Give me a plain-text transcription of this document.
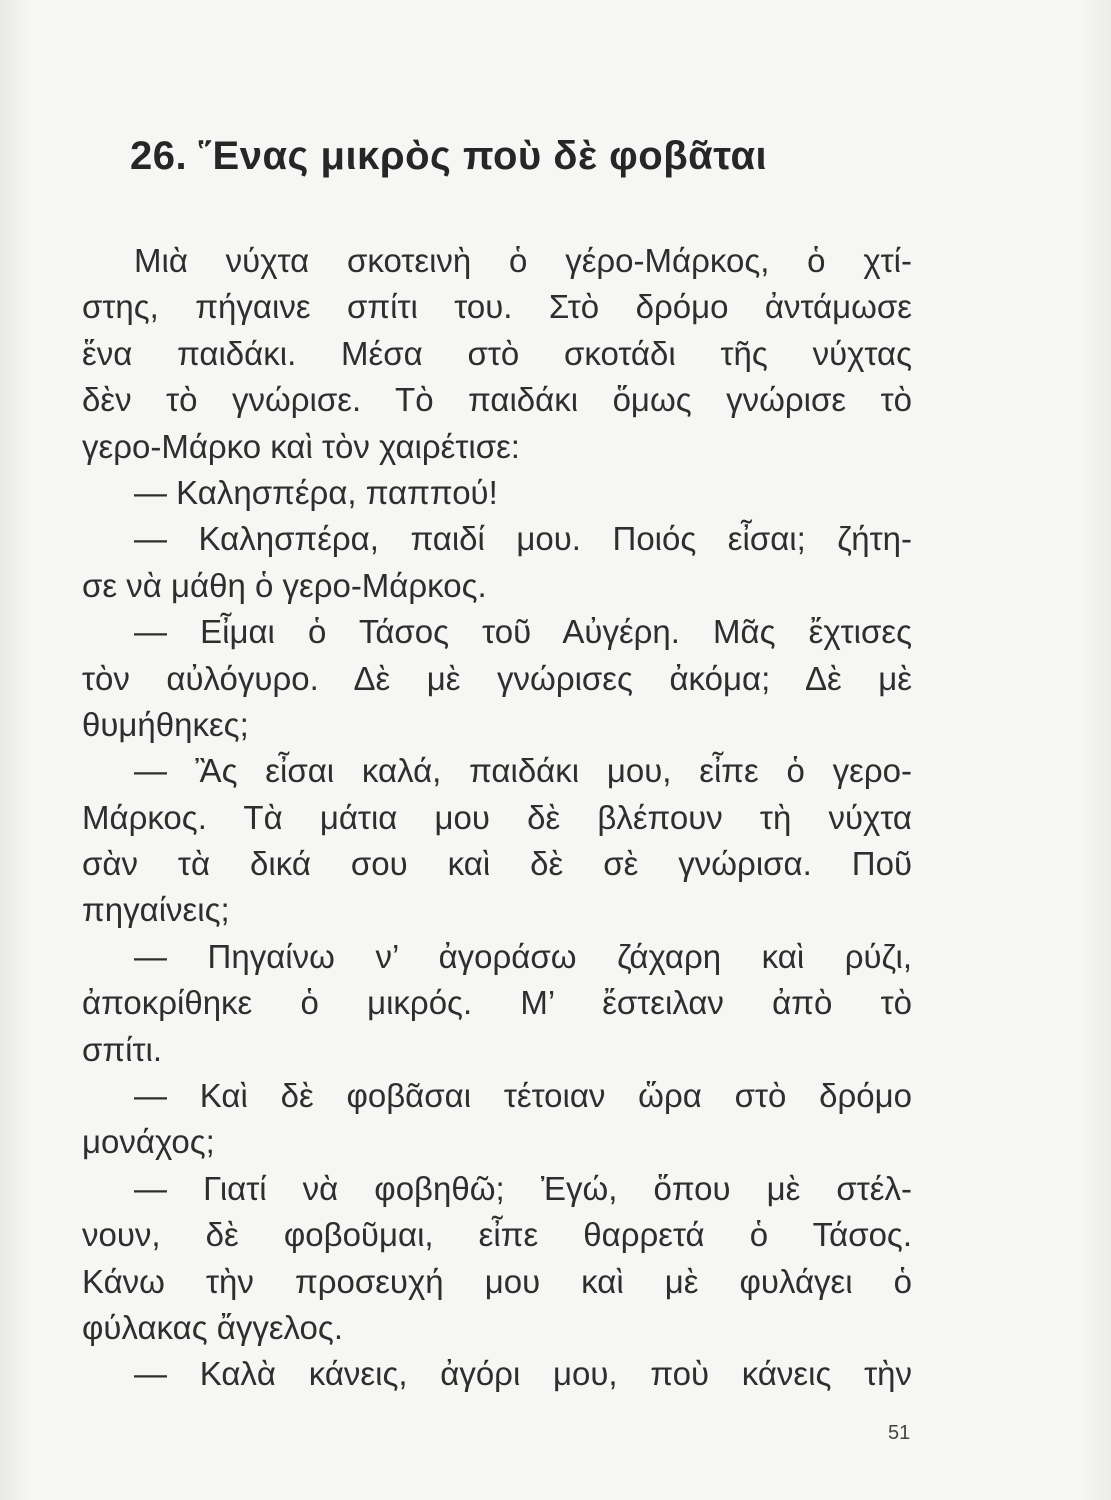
26. ῞Ενας μικρὸς ποὺ δὲ φοβᾶται
Μιὰ νύχτα σκοτεινὴ ὁ γέρο-Μάρκος, ὁ χτί-
στης, πήγαινε σπίτι του. Στὸ δρόμο ἀντάμωσε
ἕνα παιδάκι. Μέσα στὸ σκοτάδι τῆς νύχτας
δὲν τὸ γνώρισε. Τὸ παιδάκι ὅμως γνώρισε τὸ
γερο-Μάρκο καὶ τὸν χαιρέτισε:
— Καλησπέρα, παππού!
— Καλησπέρα, παιδί μου. Ποιός εἶσαι; ζήτη-
σε νὰ μάθη ὁ γερο-Μάρκος.
— Εἶμαι ὁ Τάσος τοῦ Αὐγέρη. Μᾶς ἔχτισες
τὸν αὐλόγυρο. Δὲ μὲ γνώρισες ἀκόμα; Δὲ μὲ
θυμήθηκες;
— Ἂς εἶσαι καλά, παιδάκι μου, εἶπε ὁ γερο-
Μάρκος. Τὰ μάτια μου δὲ βλέπουν τὴ νύχτα
σὰν τὰ δικά σου καὶ δὲ σὲ γνώρισα. Ποῦ
πηγαίνεις;
— Πηγαίνω ν’ ἀγοράσω ζάχαρη καὶ ρύζι,
ἀποκρίθηκε ὁ μικρός. Μ’ ἔστειλαν ἀπὸ τὸ
σπίτι.
— Καὶ δὲ φοβᾶσαι τέτοιαν ὥρα στὸ δρόμο
μονάχος;
— Γιατί νὰ φοβηθῶ; Ἐγώ, ὅπου μὲ στέλ-
νουν, δὲ φοβοῦμαι, εἶπε θαρρετά ὁ Τάσος.
Κάνω τὴν προσευχή μου καὶ μὲ φυλάγει ὁ
φύλακας ἄγγελος.
— Καλὰ κάνεις, ἀγόρι μου, ποὺ κάνεις τὴν
51
